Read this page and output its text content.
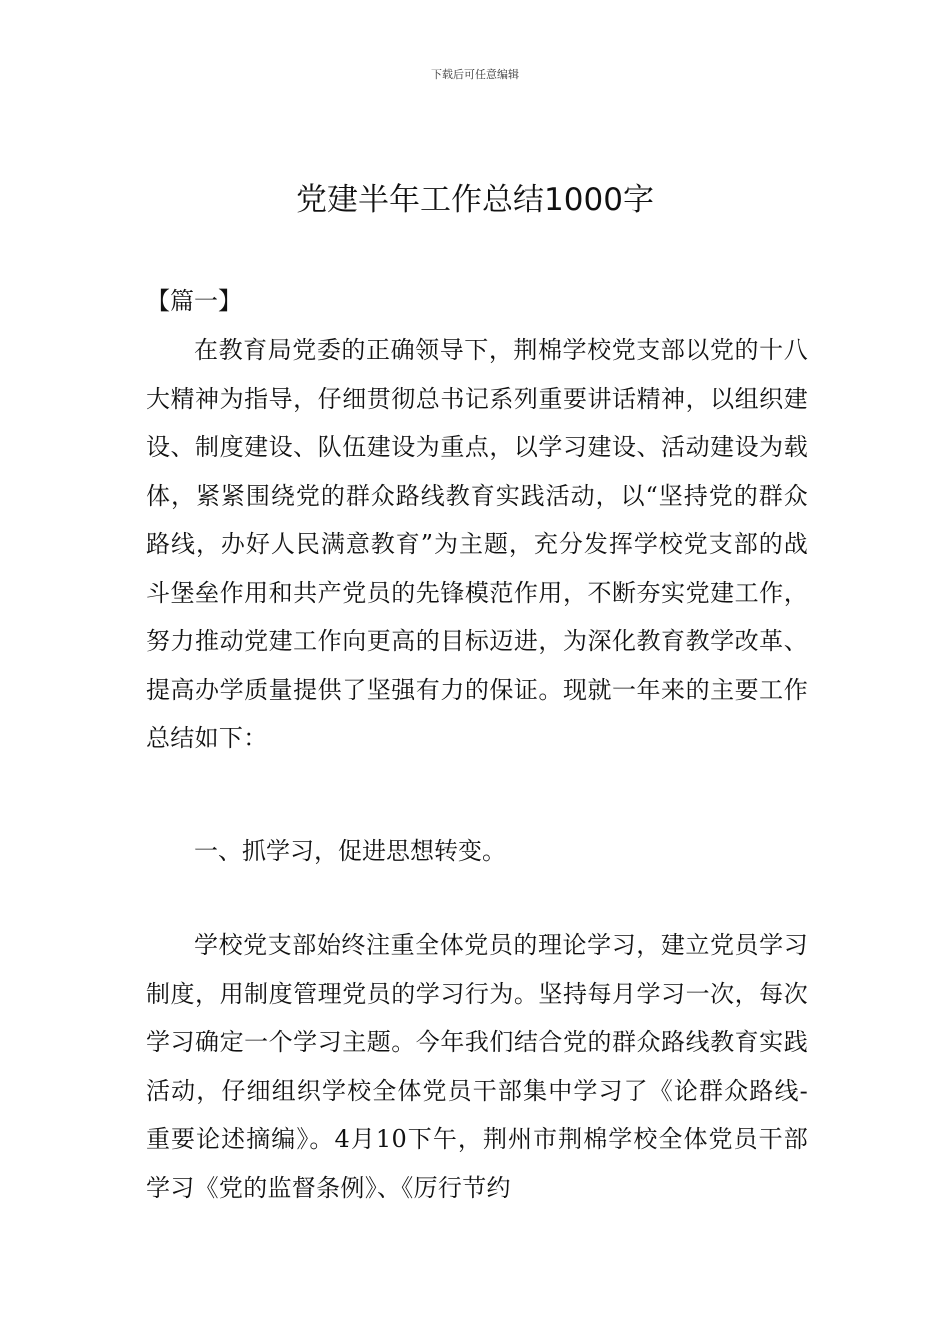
下载后可任意编辑
党建半年工作总结1000字
【篇一】

在教育局党委的正确领导下，荆棉学校党支部以党的十八大精神为指导，仔细贯彻总书记系列重要讲话精神，以组织建设、制度建设、队伍建设为重点，以学习建设、活动建设为载体，紧紧围绕党的群众路线教育实践活动，以“坚持党的群众路线，办好人民满意教育”为主题，充分发挥学校党支部的战斗堡垒作用和共产党员的先锋模范作用，不断夯实党建工作，努力推动党建工作向更高的目标迈进，为深化教育教学改革、提高办学质量提供了坚强有力的保证。现就一年来的主要工作总结如下：

一、抓学习，促进思想转变。

学校党支部始终注重全体党员的理论学习，建立党员学习制度，用制度管理党员的学习行为。坚持每月学习一次，每次学习确定一个学习主题。今年我们结合党的群众路线教育实践活动，仔细组织学校全体党员干部集中学习了《论群众路线-重要论述摘编》。4月10下午，荆州市荆棉学校全体党员干部学习《党的监督条例》、《厉行节约
